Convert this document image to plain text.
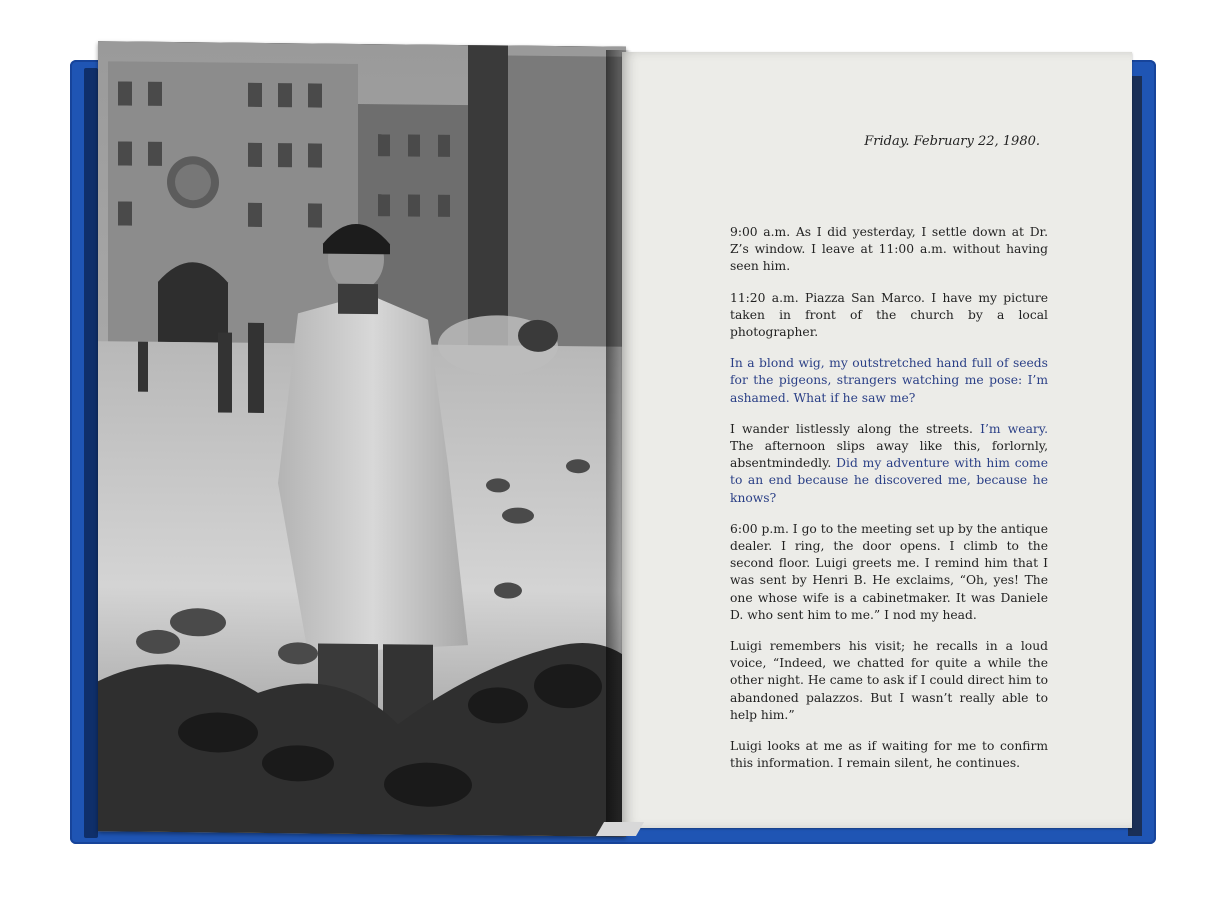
Friday. February 22, 1980.

9:00 a.m. As I did yesterday, I settle down at Dr. Z’s window. I leave at 11:00 a.m. without having seen him.

11:20 a.m. Piazza San Marco. I have my picture taken in front of the church by a local photographer.

In a blond wig, my outstretched hand full of seeds for the pigeons, strangers watching me pose: I’m ashamed. What if he saw me?

I wander listlessly along the streets. I’m weary. The afternoon slips away like this, forlornly, absentmindedly. Did my adventure with him come to an end because he discovered me, because he knows?

6:00 p.m. I go to the meeting set up by the antique dealer. I ring, the door opens. I climb to the second floor. Luigi greets me. I remind him that I was sent by Henri B. He exclaims, “Oh, yes! The one whose wife is a cabinetmaker. It was Daniele D. who sent him to me.” I nod my head.

Luigi remembers his visit; he recalls in a loud voice, “Indeed, we chatted for quite a while the other night. He came to ask if I could direct him to abandoned palazzos. But I wasn’t really able to help him.”

Luigi looks at me as if waiting for me to confirm this information. I remain silent, he continues.
